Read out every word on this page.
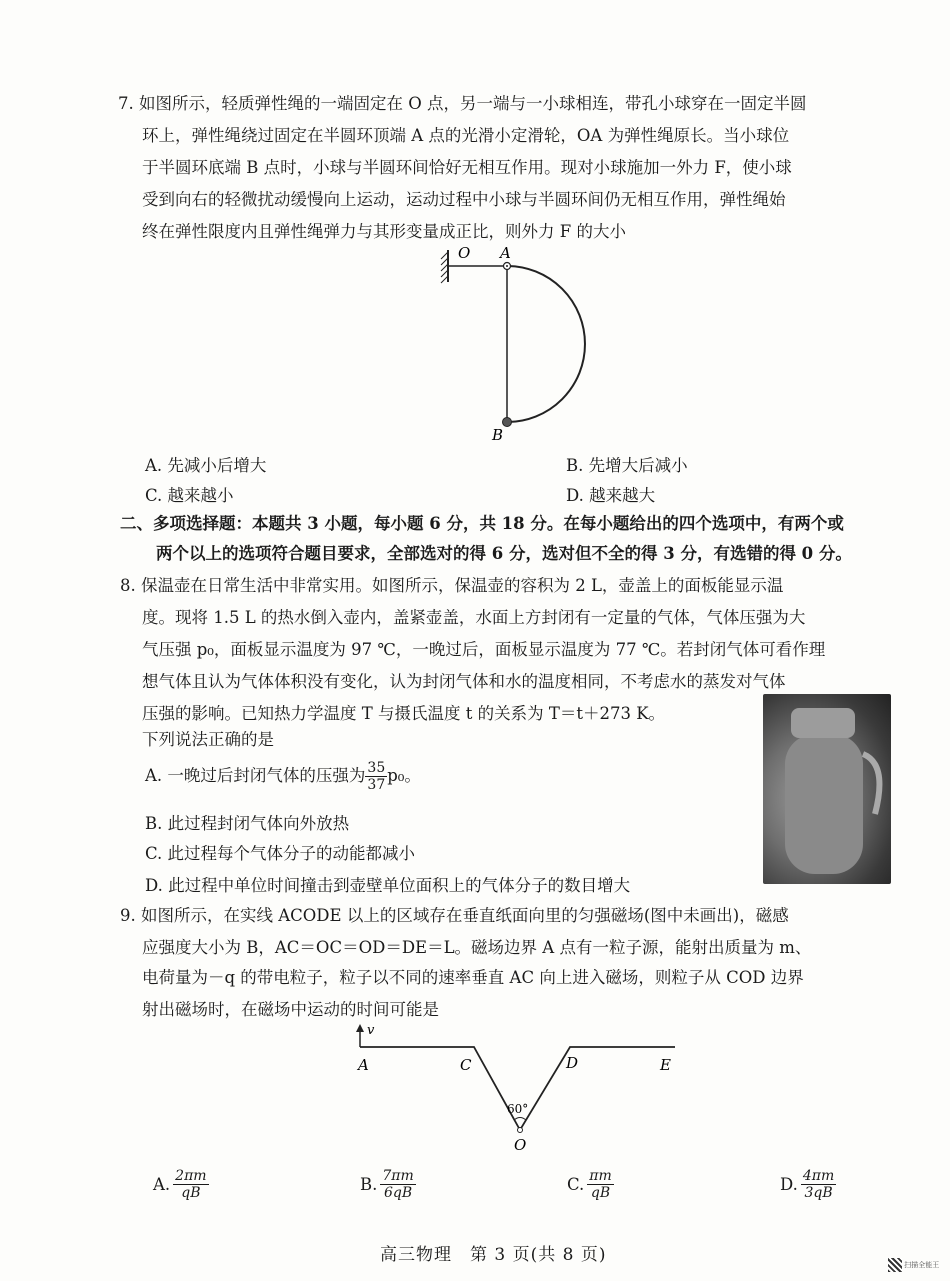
7. 如图所示，轻质弹性绳的一端固定在 O 点，另一端与一小球相连，带孔小球穿在一固定半圆
环上，弹性绳绕过固定在半圆环顶端 A 点的光滑小定滑轮，OA 为弹性绳原长。当小球位
于半圆环底端 B 点时，小球与半圆环间恰好无相互作用。现对小球施加一外力 F，使小球
受到向右的轻微扰动缓慢向上运动，运动过程中小球与半圆环间仍无相互作用，弹性绳始
终在弹性限度内且弹性绳弹力与其形变量成正比，则外力 F 的大小
O A
B
A. 先减小后增大	B. 先增大后减小
C. 越来越小	D. 越来越大
二、多项选择题：本题共 3 小题，每小题 6 分，共 18 分。在每小题给出的四个选项中，有两个或
两个以上的选项符合题目要求，全部选对的得 6 分，选对但不全的得 3 分，有选错的得 0 分。
8. 保温壶在日常生活中非常实用。如图所示，保温壶的容积为 2 L，壶盖上的面板能显示温
度。现将 1.5 L 的热水倒入壶内，盖紧壶盖，水面上方封闭有一定量的气体，气体压强为大
气压强 p₀，面板显示温度为 97 ℃，一晚过后，面板显示温度为 77 ℃。若封闭气体可看作理
想气体且认为气体体积没有变化，认为封闭气体和水的温度相同，不考虑水的蒸发对气体
压强的影响。已知热力学温度 T 与摄氏温度 t 的关系为 T＝t＋273 K。
下列说法正确的是
A. 一晚过后封闭气体的压强为 $\frac{35}{37} p_0$。
B. 此过程封闭气体向外放热
C. 此过程每个气体分子的动能都减小
D. 此过程中单位时间撞击到壶壁单位面积上的气体分子的数目增大
9. 如图所示，在实线 ACODE 以上的区域存在垂直纸面向里的匀强磁场(图中未画出)，磁感
应强度大小为 B，AC＝OC＝OD＝DE＝L。磁场边界 A 点有一粒子源，能射出质量为 m、
电荷量为－q 的带电粒子，粒子以不同的速率垂直 AC 向上进入磁场，则粒子从 COD 边界
射出磁场时，在磁场中运动的时间可能是
v
A	C	D	E
O
60°
A. $\frac{2\pi m}{qB}$	B. $\frac{7\pi m}{6qB}$	C. $\frac{\pi m}{qB}$	D. $\frac{4\pi m}{3qB}$
高三物理　第 3 页(共 8 页)	扫描全能王
